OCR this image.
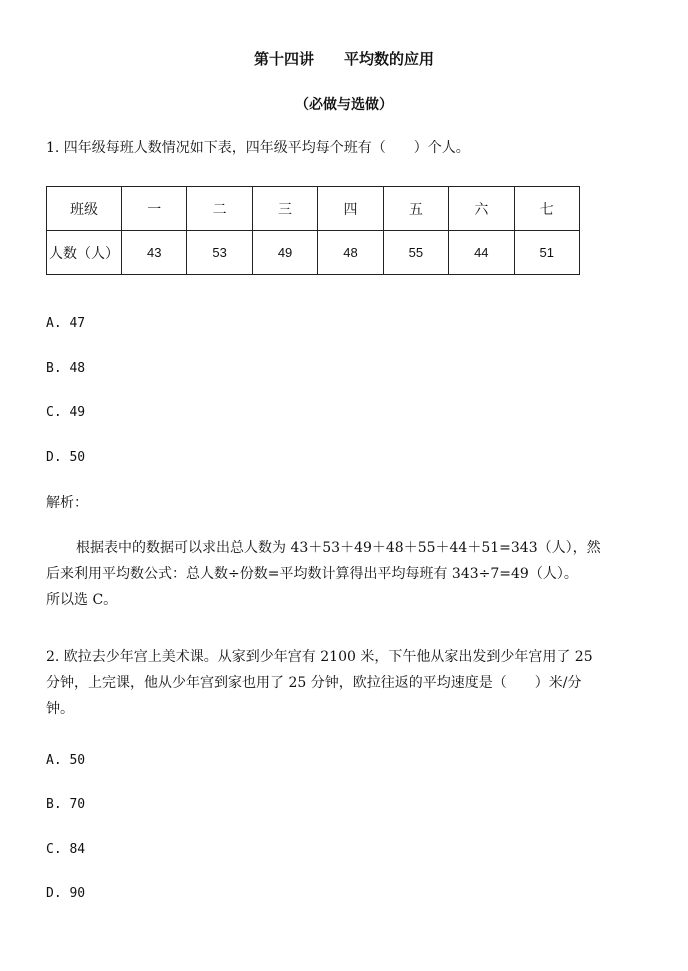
第十四讲 平均数的应用
（必做与选做）
1. 四年级每班人数情况如下表，四年级平均每个班有（　　）个人。
班级	一	二	三	四	五	六	七
人数（人）	43	53	49	48	55	44	51
A. 47
B. 48
C. 49
D. 50
解析：
根据表中的数据可以求出总人数为 43＋53＋49＋48＋55＋44＋51=343（人），然
后来利用平均数公式：总人数÷份数=平均数计算得出平均每班有 343÷7=49（人）。
所以选 C。
2. 欧拉去少年宫上美术课。从家到少年宫有 2100 米，下午他从家出发到少年宫用了 25
分钟，上完课，他从少年宫到家也用了 25 分钟，欧拉往返的平均速度是（　　）米/分
钟。
A. 50
B. 70
C. 84
D. 90
